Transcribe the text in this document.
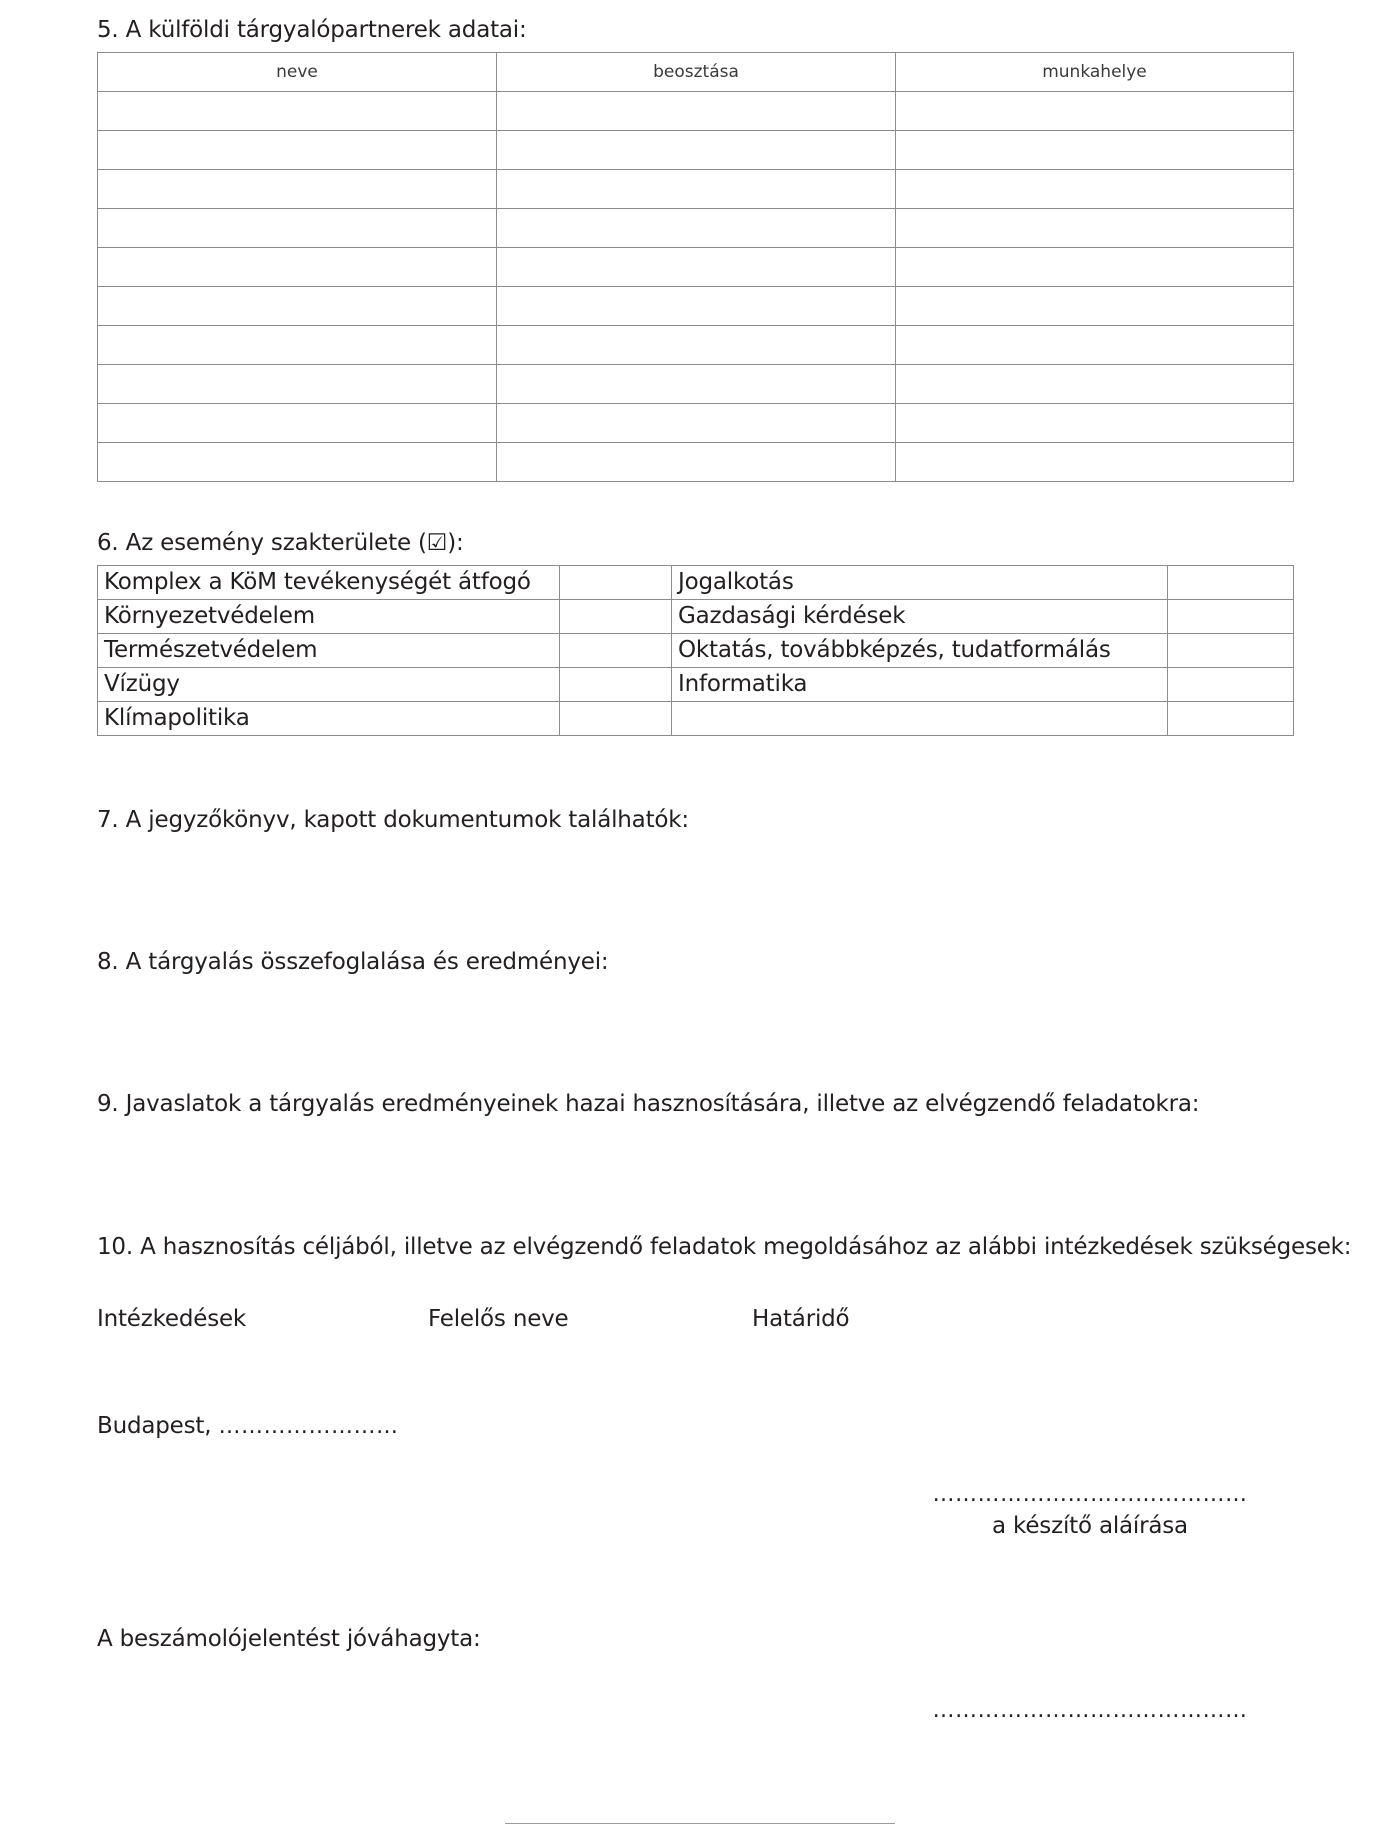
5. A külföldi tárgyalópartnerek adatai:
neve	beosztása	munkahelye

6. Az esemény szakterülete (☑):
Komplex a KöM tevékenységét átfogó		Jogalkotás	
Környezetvédelem		Gazdasági kérdések	
Természetvédelem		Oktatás, továbbképzés, tudatformálás	
Vízügy		Informatika	
Klímapolitika			
7. A jegyzőkönyv, kapott dokumentumok találhatók:
8. A tárgyalás összefoglalása és eredményei:
9. Javaslatok a tárgyalás eredményeinek hazai hasznosítására, illetve az elvégzendő feladatokra:
10. A hasznosítás céljából, illetve az elvégzendő feladatok megoldásához az alábbi intézkedések szükségesek:
Intézkedések	Felelős neve	Határidő
Budapest, ……………………
……………………………………
a készítő aláírása
A beszámolójelentést jóváhagyta:
……………………………………
